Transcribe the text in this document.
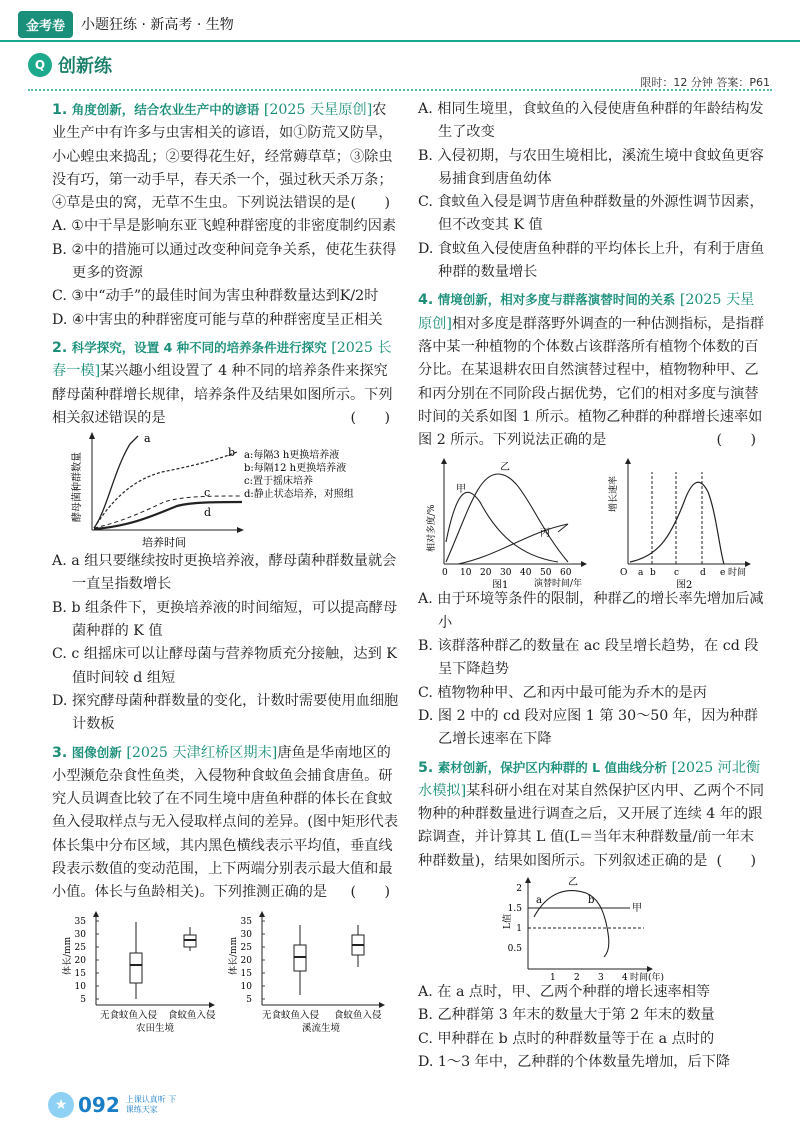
金考卷	小题狂练 · 新高考 · 生物
Q 创新练
限时：12 分钟 答案：P61

1. 角度创新，结合农业生产中的谚语 [2025 天星原创]农业生产中有许多与虫害相关的谚语，如①防荒又防旱，小心蝗虫来捣乱；②要得花生好，经常薅草草；③除虫没有巧，第一动手早，春天杀一个，强过秋天杀万条；④草是虫的窝，无草不生虫。下列说法错误的是 (　　)

A. ①中干旱是影响东亚飞蝗种群密度的非密度制约因素

B. ②中的措施可以通过改变种间竞争关系，使花生获得更多的资源

C. ③中“动手”的最佳时间为害虫种群数量达到K/2时

D. ④中害虫的种群密度可能与草的种群密度呈正相关

2. 科学探究，设置 4 种不同的培养条件进行探究 [2025 长春一模]某兴趣小组设置了 4 种不同的培养条件来探究酵母菌种群增长规律，培养条件及结果如图所示。下列相关叙述错误的是	(　　)

a
b
c
d
a:每隔3 h更换培养液
b:每隔12 h更换培养液
c:置于摇床培养
d:静止状态培养，对照组
酵母菌种群数量
培养时间

A. a 组只要继续按时更换培养液，酵母菌种群数量就会一直呈指数增长

B. b 组条件下，更换培养液的时间缩短，可以提高酵母菌种群的 K 值

C. c 组摇床可以让酵母菌与营养物质充分接触，达到 K 值时间较 d 组短

D. 探究酵母菌种群数量的变化，计数时需要使用血细胞计数板

3. 图像创新 [2025 天津红桥区期末]唐鱼是华南地区的小型濒危杂食性鱼类，入侵物种食蚊鱼会捕食唐鱼。研究人员调查比较了在不同生境中唐鱼种群的体长在食蚊鱼入侵取样点与无入侵取样点间的差异。(图中矩形代表体长集中分布区域，其内黑色横线表示平均值，垂直线段表示数值的变动范围，上下两端分别表示最大值和最小值。体长与鱼龄相关)。下列推测正确的是 (　　)

5
10
15
20
25
30
35
体长/mm
无食蚊鱼入侵 食蚊鱼入侵
农田生境
5
10
15
20
25
30
35
体长/mm
无食蚊鱼入侵 食蚊鱼入侵
溪流生境

A. 相同生境里，食蚊鱼的入侵使唐鱼种群的年龄结构发生了改变

B. 入侵初期，与农田生境相比，溪流生境中食蚊鱼更容易捕食到唐鱼幼体

C. 食蚊鱼入侵是调节唐鱼种群数量的外源性调节因素，但不改变其 K 值

D. 食蚊鱼入侵使唐鱼种群的平均体长上升，有利于唐鱼种群的数量增长

4. 情境创新，相对多度与群落演替时间的关系 [2025 天星原创]相对多度是群落野外调查的一种估测指标，是指群落中某一种植物的个体数占该群落所有植物个体数的百分比。在某退耕农田自然演替过程中，植物物种甲、乙和丙分别在不同阶段占据优势，它们的相对多度与演替时间的关系如图 1 所示。植物乙种群的种群增长速率如图 2 所示。下列说法正确的是	(　　)

甲
乙
丙
0 10 20 30 40 50 60
相对多度/%
演替时间/年
图1
O a b c d e
增长速率
时间
图2

A. 由于环境等条件的限制，种群乙的增长率先增加后减小

B. 该群落种群乙的数量在 ac 段呈增长趋势，在 cd 段呈下降趋势

C. 植物物种甲、乙和丙中最可能为乔木的是丙

D. 图 2 中的 cd 段对应图 1 第 30～50 年，因为种群乙增长速率在下降

5. 素材创新，保护区内种群的 L 值曲线分析 [2025 河北衡水模拟]某科研小组在对某自然保护区内甲、乙两个不同物种的种群数量进行调查之后，又开展了连续 4 年的跟踪调查，并计算其 L 值(L＝当年末种群数量/前一年末种群数量)，结果如图所示。下列叙述正确的是 (　　)

0.5
1
1.5
2
1 2 3 4
a	b
乙
甲
L值
时间(年)

A. 在 a 点时，甲、乙两个种群的增长速率相等

B. 乙种群第 3 年末的数量大于第 2 年末的数量

C. 甲种群在 b 点时的种群数量等于在 a 点时的

D. 1～3 年中，乙种群的个体数量先增加，后下降

★ 092 上课认真听 下课练天家
